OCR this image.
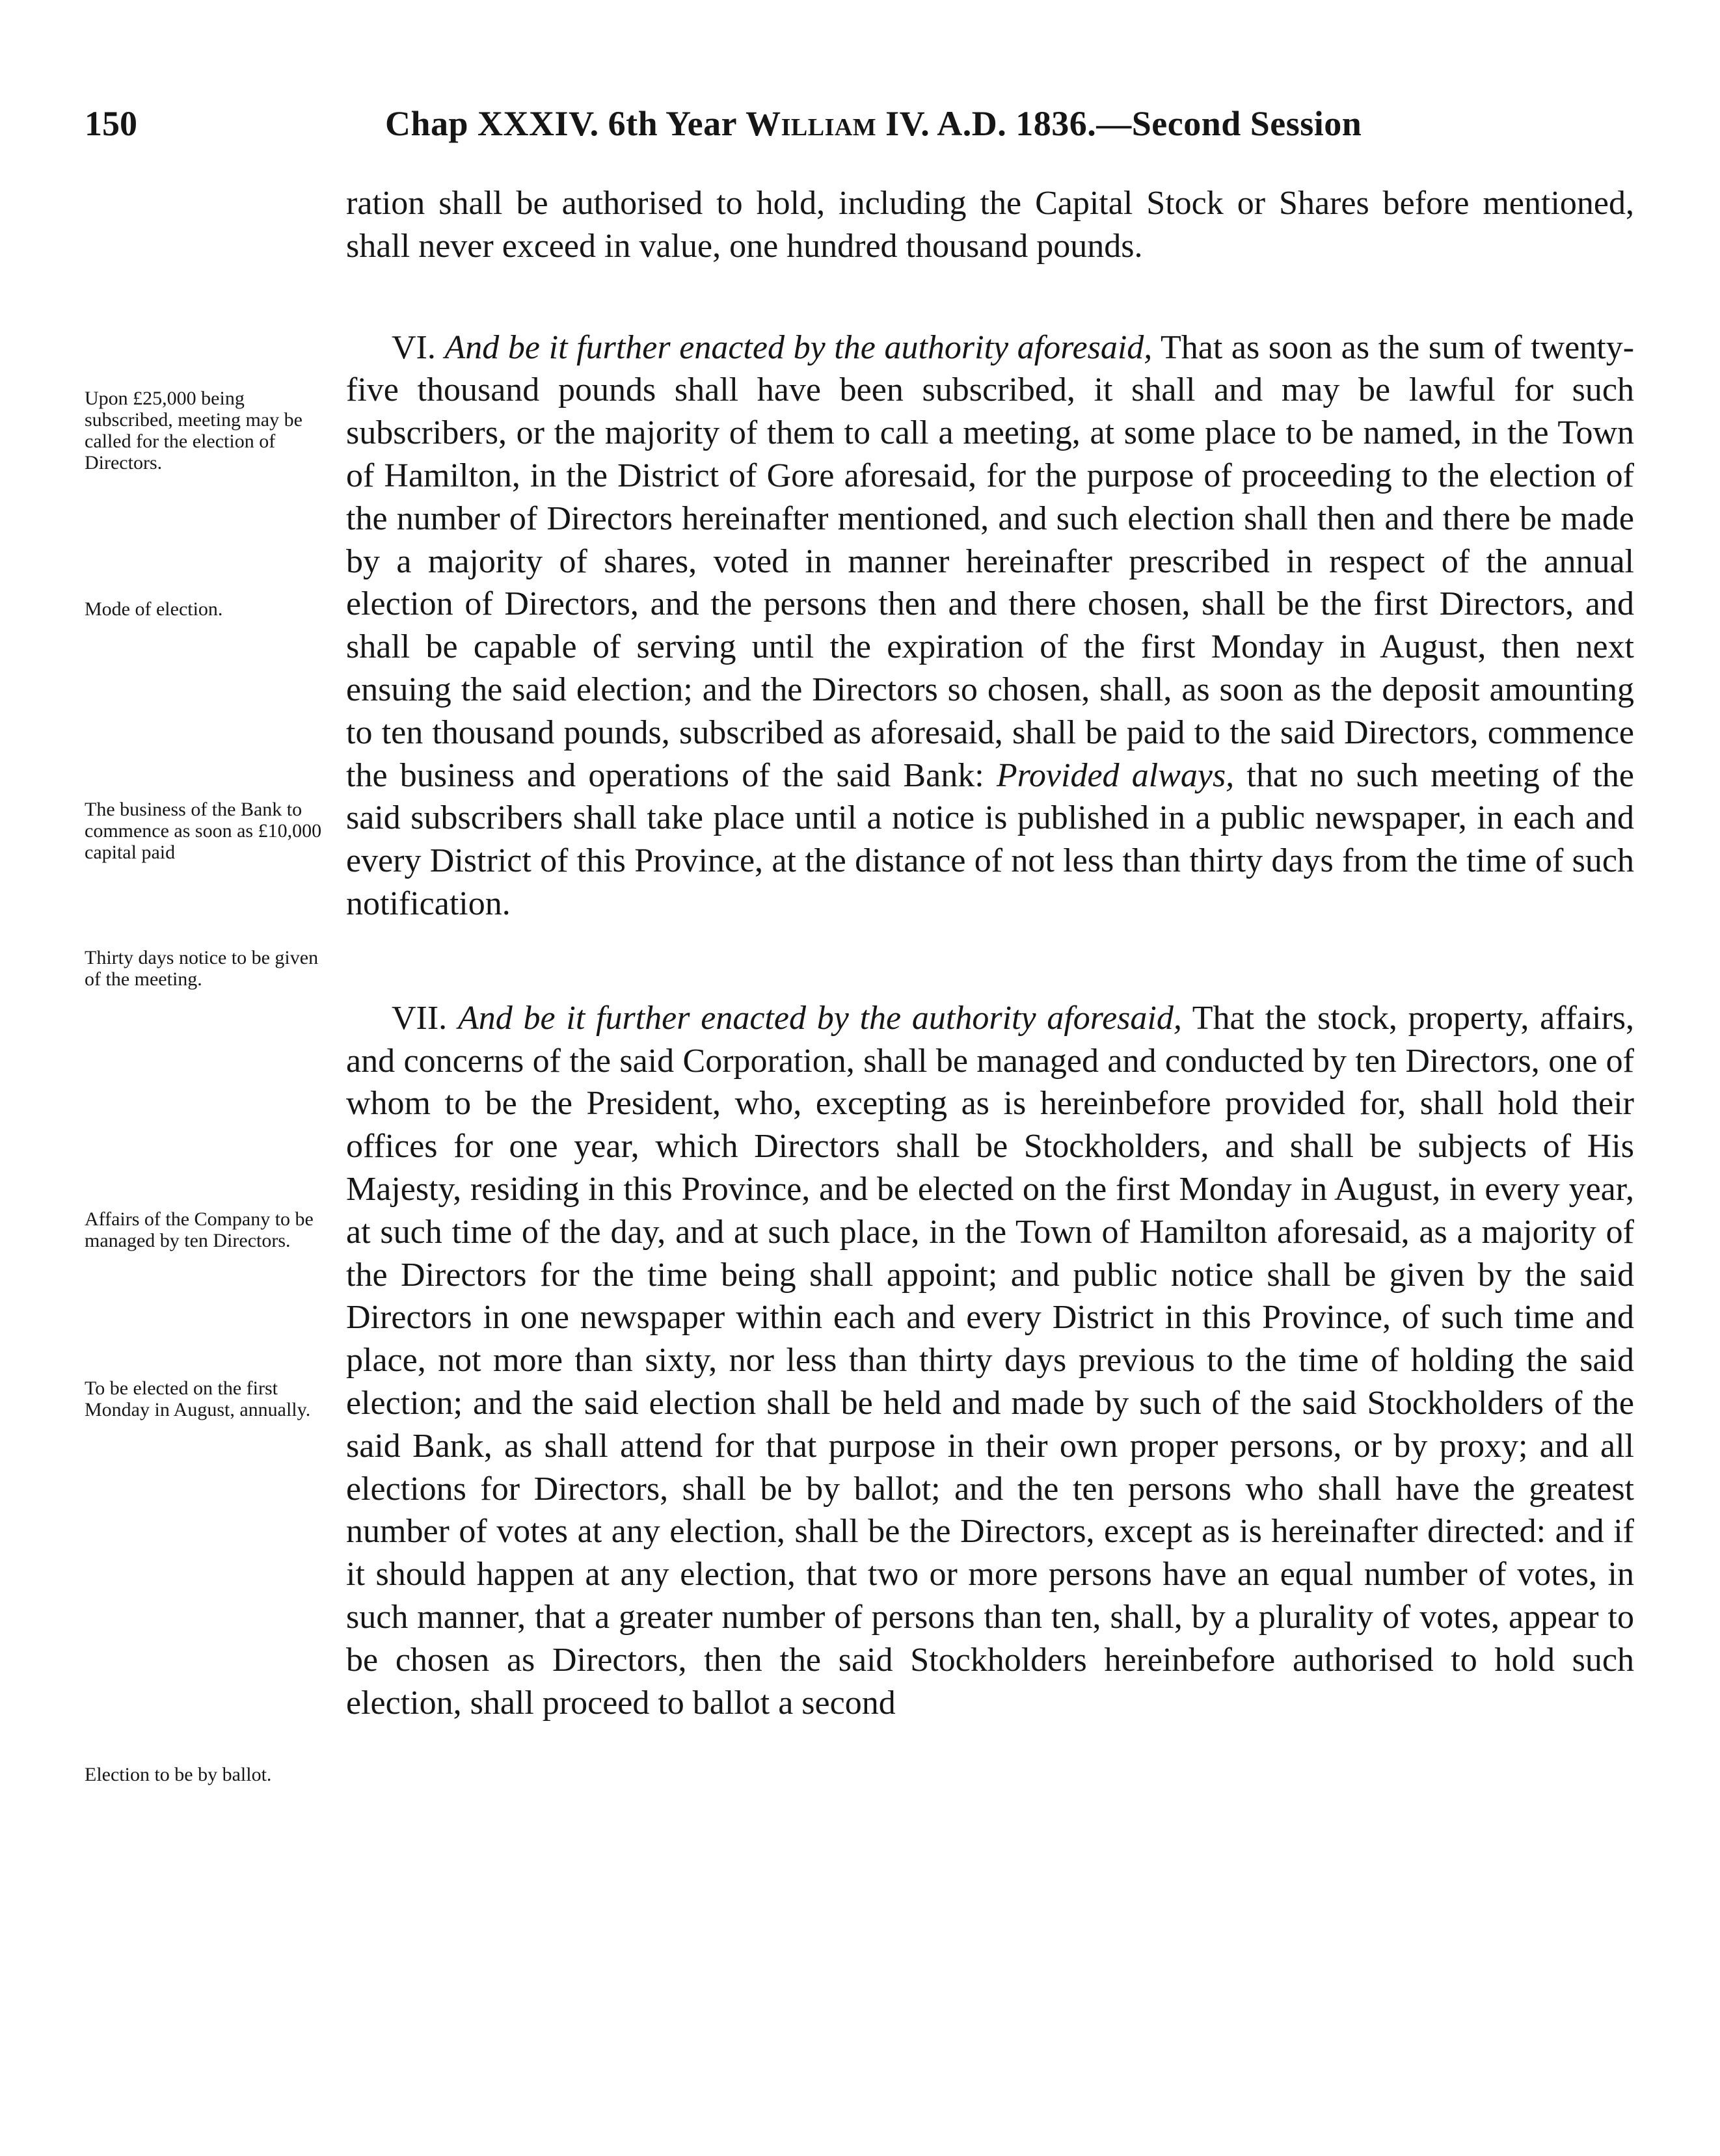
150	Chap XXXIV. 6th Year William IV. A.D. 1836.—Second Session
Upon £25,000 being subscribed, meeting may be called for the election of Directors.
Mode of election.
The business of the Bank to commence as soon as £10,000 capital paid
Thirty days notice to be given of the meeting.
Affairs of the Company to be managed by ten Directors.
To be elected on the first Monday in August, annually.
Election to be by ballot.

ration shall be authorised to hold, including the Capital Stock or Shares before mentioned, shall never exceed in value, one hundred thousand pounds.

VI. And be it further enacted by the authority aforesaid, That as soon as the sum of twenty-five thousand pounds shall have been subscribed, it shall and may be lawful for such subscribers, or the majority of them to call a meeting, at some place to be named, in the Town of Hamilton, in the District of Gore aforesaid, for the purpose of proceeding to the election of the number of Directors hereinafter mentioned, and such election shall then and there be made by a majority of shares, voted in manner hereinafter prescribed in respect of the annual election of Directors, and the persons then and there chosen, shall be the first Directors, and shall be capable of serving until the expiration of the first Monday in August, then next ensuing the said election; and the Directors so chosen, shall, as soon as the deposit amounting to ten thousand pounds, subscribed as aforesaid, shall be paid to the said Directors, commence the business and operations of the said Bank: Provided always, that no such meeting of the said subscribers shall take place until a notice is published in a public newspaper, in each and every District of this Province, at the distance of not less than thirty days from the time of such notification.

VII. And be it further enacted by the authority aforesaid, That the stock, property, affairs, and concerns of the said Corporation, shall be managed and conducted by ten Directors, one of whom to be the President, who, excepting as is hereinbefore provided for, shall hold their offices for one year, which Directors shall be Stockholders, and shall be subjects of His Majesty, residing in this Province, and be elected on the first Monday in August, in every year, at such time of the day, and at such place, in the Town of Hamilton aforesaid, as a majority of the Directors for the time being shall appoint; and public notice shall be given by the said Directors in one newspaper within each and every District in this Province, of such time and place, not more than sixty, nor less than thirty days previous to the time of holding the said election; and the said election shall be held and made by such of the said Stockholders of the said Bank, as shall attend for that purpose in their own proper persons, or by proxy; and all elections for Directors, shall be by ballot; and the ten persons who shall have the greatest number of votes at any election, shall be the Directors, except as is hereinafter directed: and if it should happen at any election, that two or more persons have an equal number of votes, in such manner, that a greater number of persons than ten, shall, by a plurality of votes, appear to be chosen as Directors, then the said Stockholders hereinbefore authorised to hold such election, shall proceed to ballot a second
